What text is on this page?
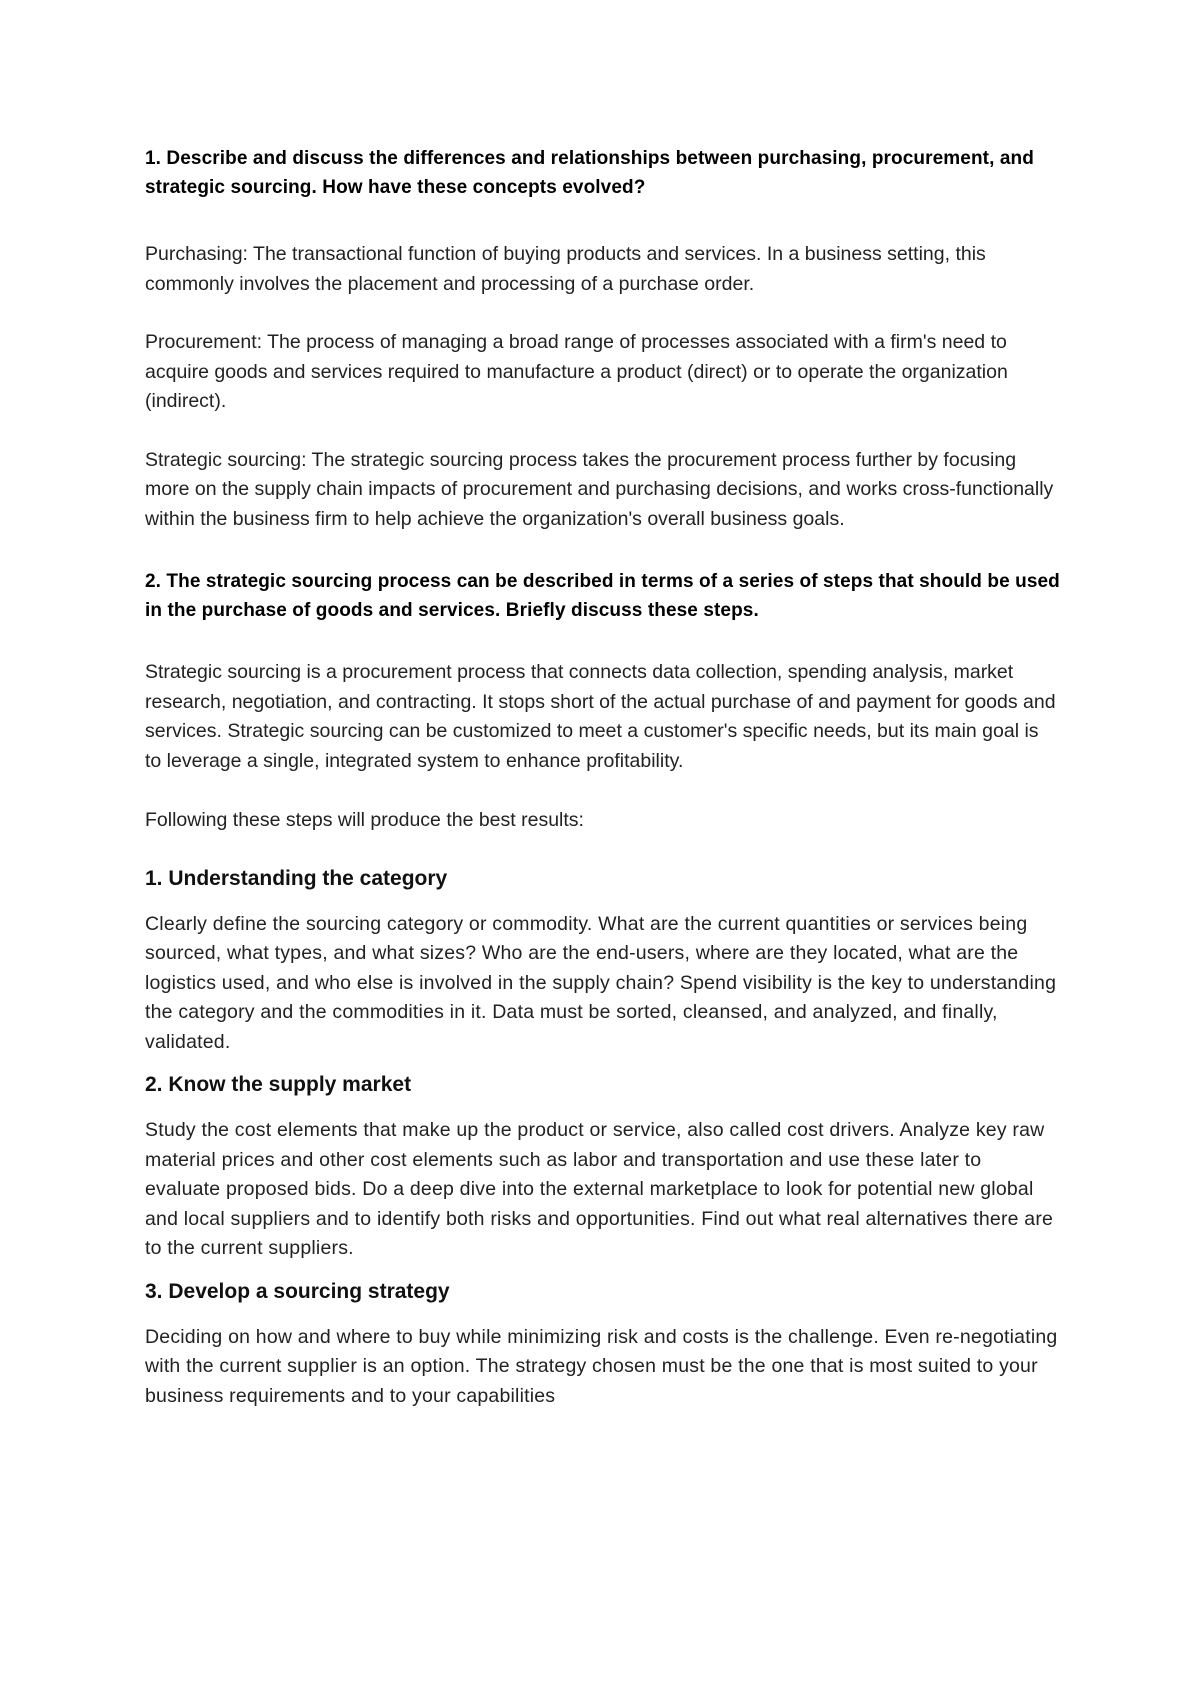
1. Describe and discuss the differences and relationships between purchasing, procurement, and strategic sourcing. How have these concepts evolved?

Purchasing: The transactional function of buying products and services. In a business setting, this commonly involves the placement and processing of a purchase order.

Procurement: The process of managing a broad range of processes associated with a firm's need to acquire goods and services required to manufacture a product (direct) or to operate the organization (indirect).

Strategic sourcing: The strategic sourcing process takes the procurement process further by focusing more on the supply chain impacts of procurement and purchasing decisions, and works cross-functionally within the business firm to help achieve the organization's overall business goals.

2. The strategic sourcing process can be described in terms of a series of steps that should be used in the purchase of goods and services. Briefly discuss these steps.

Strategic sourcing is a procurement process that connects data collection, spending analysis, market research, negotiation, and contracting. It stops short of the actual purchase of and payment for goods and services. Strategic sourcing can be customized to meet a customer's specific needs, but its main goal is to leverage a single, integrated system to enhance profitability.

Following these steps will produce the best results:

1. Understanding the category

Clearly define the sourcing category or commodity. What are the current quantities or services being sourced, what types, and what sizes? Who are the end-users, where are they located, what are the logistics used, and who else is involved in the supply chain? Spend visibility is the key to understanding the category and the commodities in it. Data must be sorted, cleansed, and analyzed, and finally, validated.

2. Know the supply market

Study the cost elements that make up the product or service, also called cost drivers. Analyze key raw material prices and other cost elements such as labor and transportation and use these later to evaluate proposed bids. Do a deep dive into the external marketplace to look for potential new global and local suppliers and to identify both risks and opportunities. Find out what real alternatives there are to the current suppliers.

3. Develop a sourcing strategy

Deciding on how and where to buy while minimizing risk and costs is the challenge. Even re-negotiating with the current supplier is an option. The strategy chosen must be the one that is most suited to your business requirements and to your capabilities
